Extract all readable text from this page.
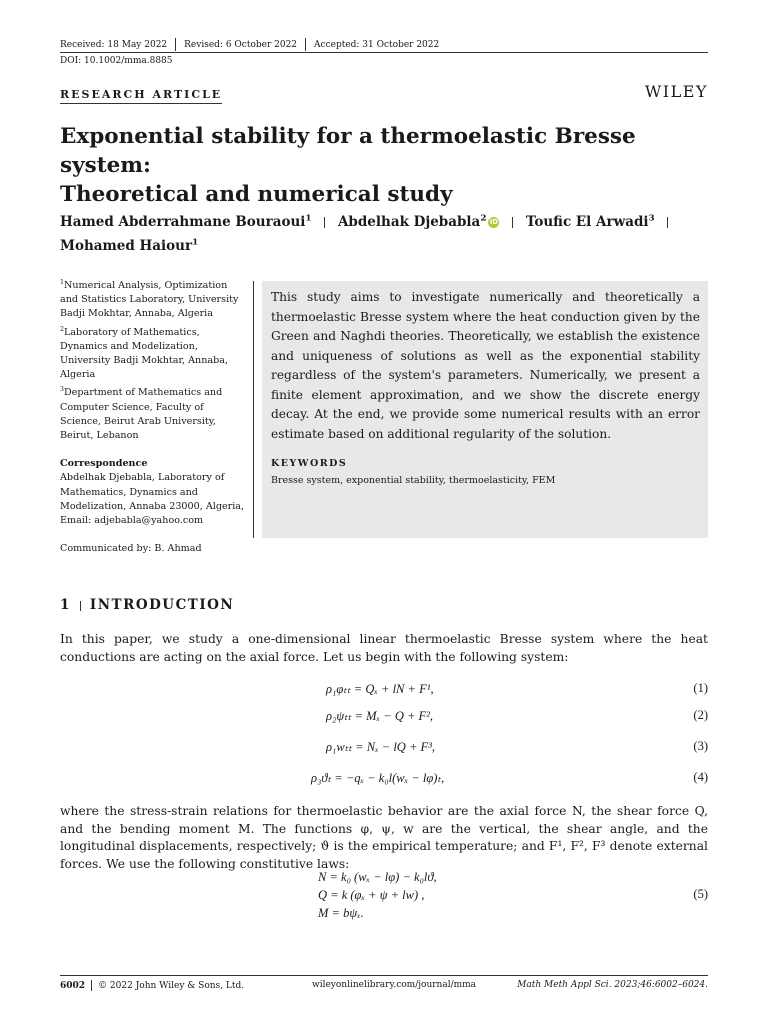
Received: 18 May 2022 Revised: 6 October 2022 Accepted: 31 October 2022
DOI: 10.1002/mma.8885
RESEARCH ARTICLE	WILEY
Exponential stability for a thermoelastic Bresse system:
Theoretical and numerical study
Hamed Abderrahmane Bouraoui$^1$ Abdelhak Djebabla$^2$ iD Toufic El Arwadi$^3$
Mohamed Haiour$^1$

$^1$Numerical Analysis, Optimization and Statistics Laboratory, University Badji Mokhtar, Annaba, Algeria

$^2$Laboratory of Mathematics, Dynamics and Modelization, University Badji Mokhtar, Annaba, Algeria

$^3$Department of Mathematics and Computer Science, Faculty of Science, Beirut Arab University, Beirut, Lebanon

Correspondence

Abdelhak Djebabla, Laboratory of Mathematics, Dynamics and Modelization, Annaba 23000, Algeria, Email: adjebabla@yahoo.com

Communicated by: B. Ahmad

This study aims to investigate numerically and theoretically a thermoelastic Bresse system where the heat conduction given by the Green and Naghdi theories. Theoretically, we establish the existence and uniqueness of solutions as well as the exponential stability regardless of the system's parameters. Numerically, we present a finite element approximation, and we show the discrete energy decay. At the end, we provide some numerical results with an error estimate based on additional regularity of the solution.

KEYWORDS
Bresse system, exponential stability, thermoelasticity, FEM
1 INTRODUCTION

In this paper, we study a one-dimensional linear thermoelastic Bresse system where the heat conductions are acting on the axial force. Let us begin with the following system:

ρ₁φₜₜ = Qₓ + lN + F¹,	(1)
ρ₂ψₜₜ = Mₓ − Q + F²,	(2)
ρ₁wₜₜ = Nₓ − lQ + F³,	(3)
ρ₃ϑₜ = −qₓ − k₀l(wₓ − lφ)ₜ,	(4)

where the stress-strain relations for thermoelastic behavior are the axial force N, the shear force Q, and the bending moment M. The functions φ, ψ, w are the vertical, the shear angle, and the longitudinal displacements, respectively; ϑ is the empirical temperature; and F¹, F², F³ denote external forces. We use the following constitutive laws:

N = k₀ (wₓ − lφ) − k₀lϑ,
Q = k (φₓ + ψ + lw) ,
M = bψₓ.
(5)
6002 © 2022 John Wiley & Sons, Ltd.	wileyonlinelibrary.com/journal/mma	Math Meth Appl Sci. 2023;46:6002–6024.
